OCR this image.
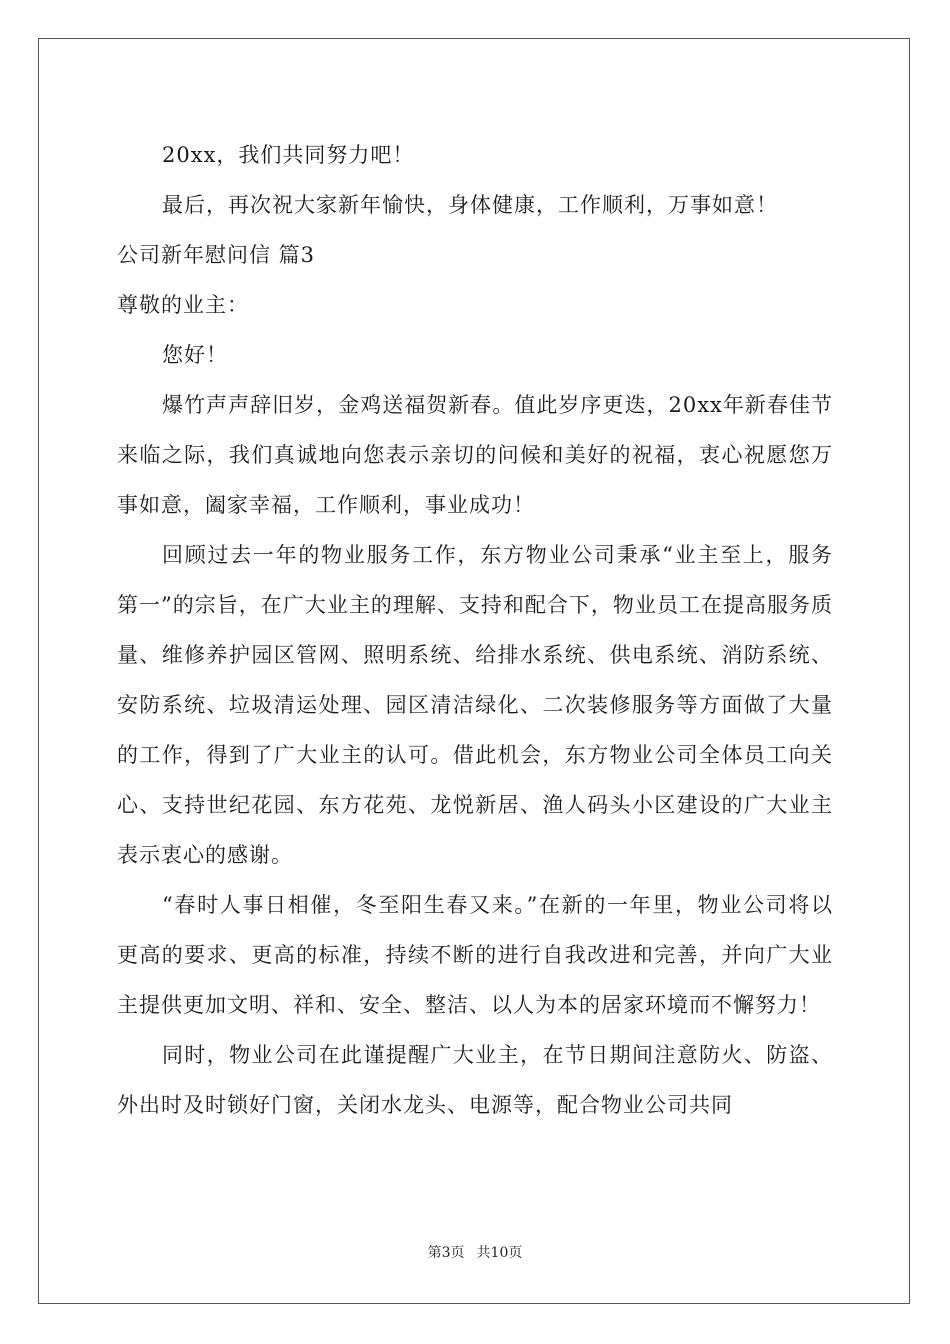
20xx，我们共同努力吧！

最后，再次祝大家新年愉快，身体健康，工作顺利，万事如意！

公司新年慰问信 篇3

尊敬的业主：

您好！

爆竹声声辞旧岁，金鸡送福贺新春。值此岁序更迭，20xx年新春佳节来临之际，我们真诚地向您表示亲切的问候和美好的祝福，衷心祝愿您万事如意，阖家幸福，工作顺利，事业成功！

回顾过去一年的物业服务工作，东方物业公司秉承“业主至上，服务第一”的宗旨，在广大业主的理解、支持和配合下，物业员工在提高服务质量、维修养护园区管网、照明系统、给排水系统、供电系统、消防系统、安防系统、垃圾清运处理、园区清洁绿化、二次装修服务等方面做了大量的工作，得到了广大业主的认可。借此机会，东方物业公司全体员工向关心、支持世纪花园、东方花苑、龙悦新居、渔人码头小区建设的广大业主表示衷心的感谢。

“春时人事日相催，冬至阳生春又来。”在新的一年里，物业公司将以更高的要求、更高的标准，持续不断的进行自我改进和完善，并向广大业主提供更加文明、祥和、安全、整洁、以人为本的居家环境而不懈努力！

同时，物业公司在此谨提醒广大业主，在节日期间注意防火、防盗、外出时及时锁好门窗，关闭水龙头、电源等，配合物业公司共同

第3页 共10页
